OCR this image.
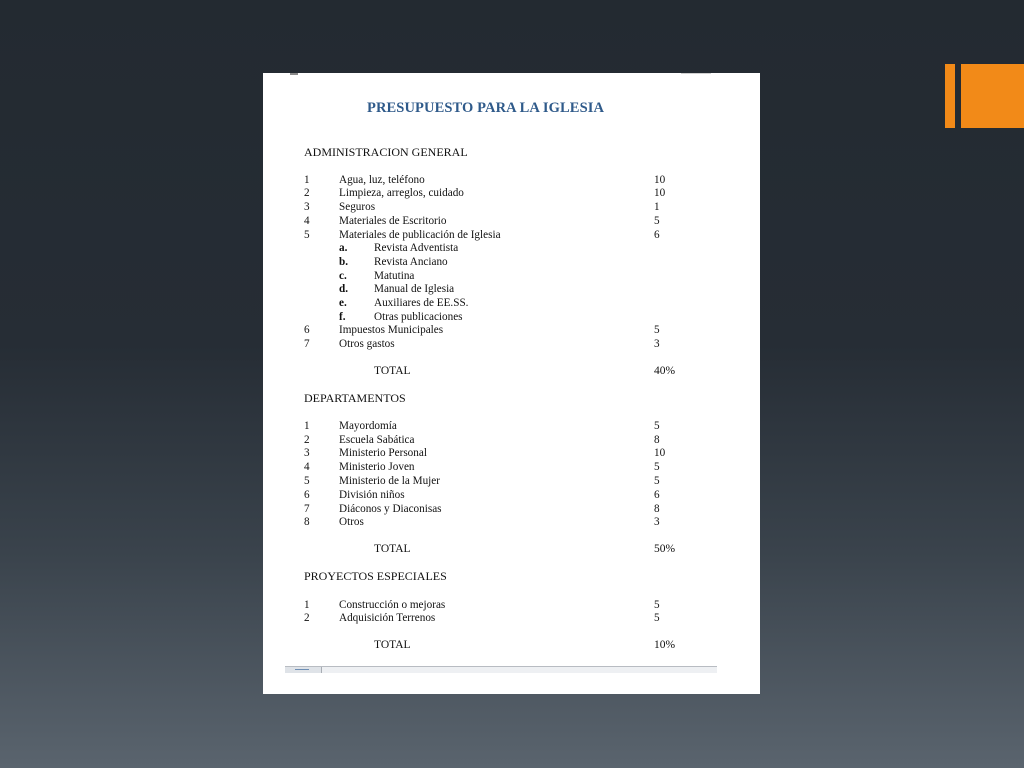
PRESUPUESTO PARA LA IGLESIA
ADMINISTRACION GENERAL
1	Agua, luz, teléfono	10
2	Limpieza, arreglos, cuidado	10
3	Seguros	1
4	Materiales de Escritorio	5
5	Materiales de publicación de Iglesia	6
a. Revista Adventista
b. Revista Anciano
c. Matutina
d. Manual de Iglesia
e. Auxiliares de EE.SS.
f.	Otras publicaciones
6	Impuestos Municipales	5
7	Otros gastos	3
TOTAL	40%
DEPARTAMENTOS
1	Mayordomía	5
2	Escuela Sabática	8
3	Ministerio Personal	10
4	Ministerio Joven	5
5	Ministerio de la Mujer	5
6	División niños	6
7	Diáconos y Diaconisas	8
8	Otros	3
TOTAL	50%
PROYECTOS ESPECIALES
1	Construcción o mejoras	5
2	Adquisición Terrenos	5
TOTAL	10%
